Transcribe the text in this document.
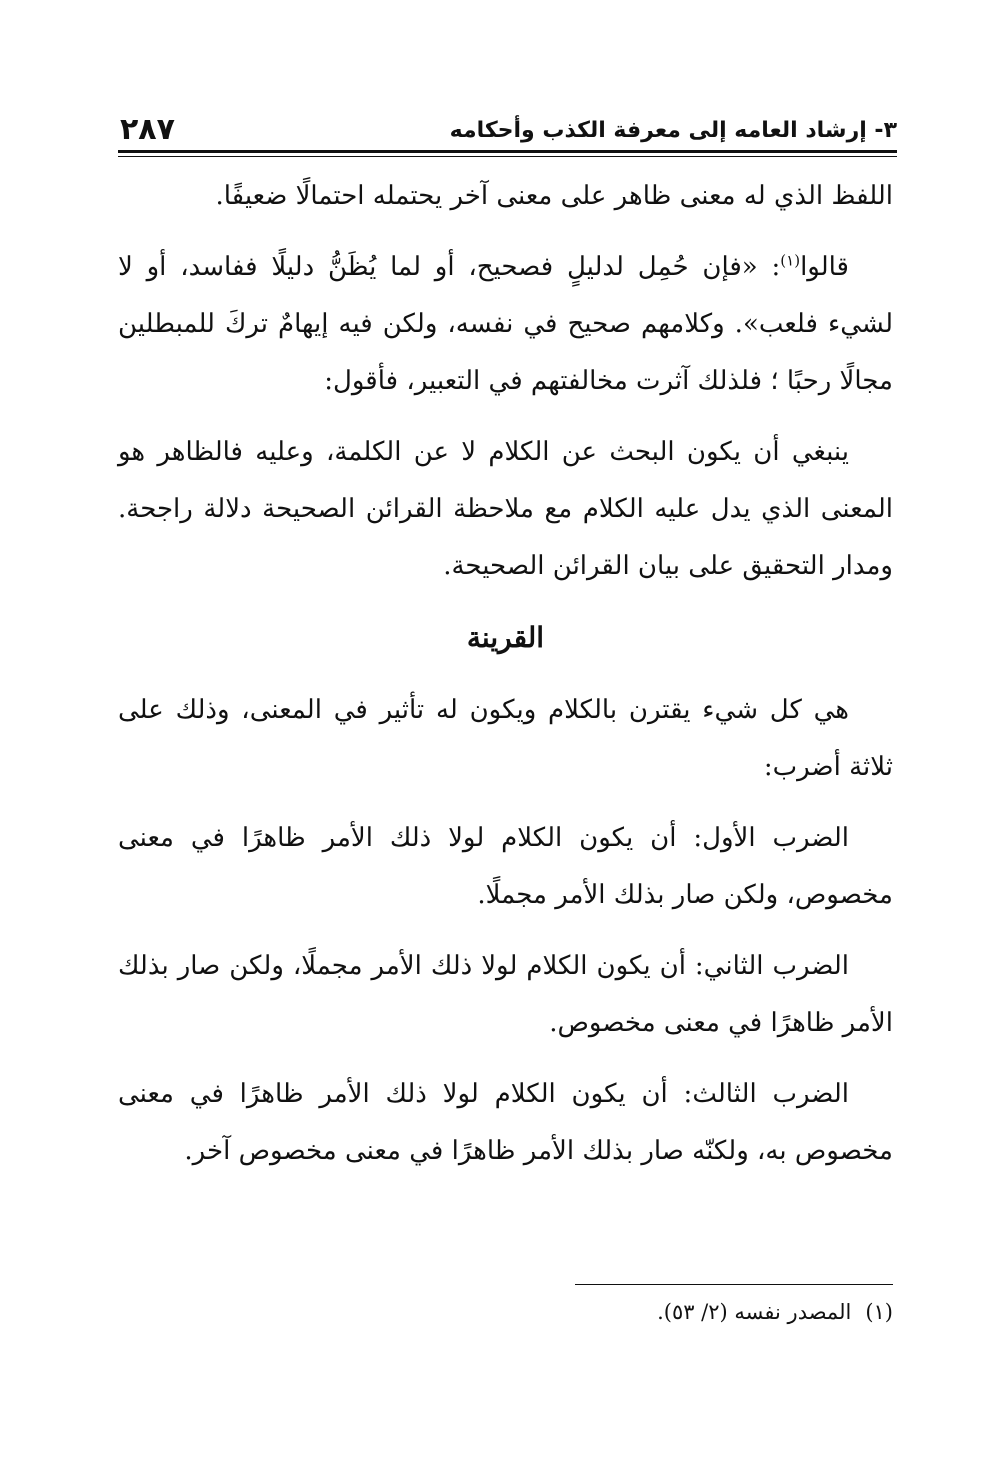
٣- إرشاد العامه إلى معرفة الكذب وأحكامه
٢٨٧

اللفظ الذي له معنى ظاهر على معنى آخر يحتمله احتمالًا ضعيفًا.

قالوا$^{(١)}$: «فإن حُمِل لدليلٍ فصحيح، أو لما يُظَنُّ دليلًا ففاسد، أو لا لشيء فلعب». وكلامهم صحيح في نفسه، ولكن فيه إيهامٌ تركَ للمبطلين مجالًا رحبًا ؛ فلذلك آثرت مخالفتهم في التعبير، فأقول:

ينبغي أن يكون البحث عن الكلام لا عن الكلمة، وعليه فالظاهر هو المعنى الذي يدل عليه الكلام مع ملاحظة القرائن الصحيحة دلالة راجحة. ومدار التحقيق على بيان القرائن الصحيحة.

القرينة

هي كل شيء يقترن بالكلام ويكون له تأثير في المعنى، وذلك على ثلاثة أضرب:

الضرب الأول: أن يكون الكلام لولا ذلك الأمر ظاهرًا في معنى مخصوص، ولكن صار بذلك الأمر مجملًا.

الضرب الثاني: أن يكون الكلام لولا ذلك الأمر مجملًا، ولكن صار بذلك الأمر ظاهرًا في معنى مخصوص.

الضرب الثالث: أن يكون الكلام لولا ذلك الأمر ظاهرًا في معنى مخصوص به، ولكنّه صار بذلك الأمر ظاهرًا في معنى مخصوص آخر.

(١)المصدر نفسه (٢/ ٥٣).
